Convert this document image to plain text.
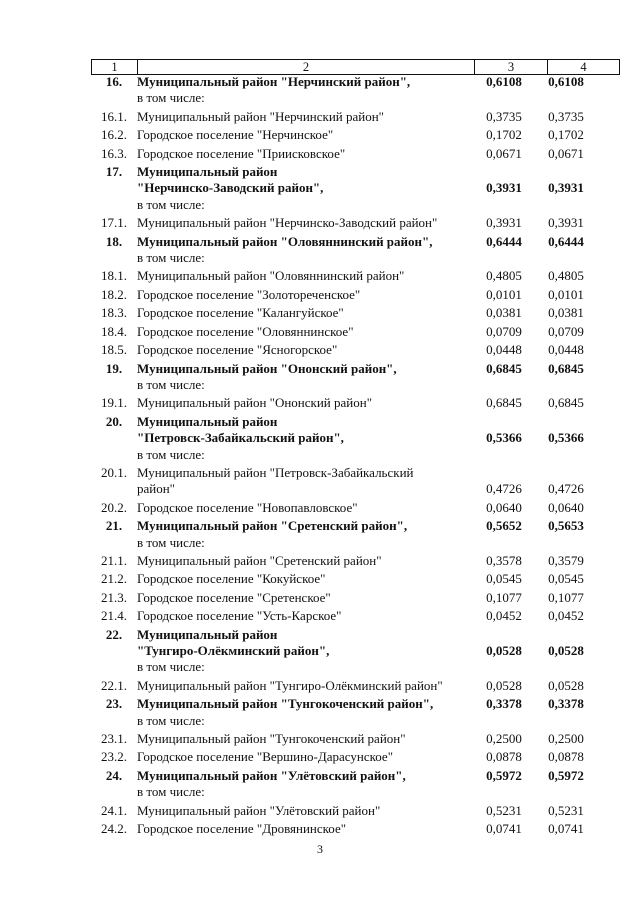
1	2	3	4
16.	Муниципальный район "Нерчинский район",	0,6108	0,6108
в том числе:
16.1. Муниципальный район "Нерчинский район"	0,3735	0,3735
16.2. Городское поселение "Нерчинское"	0,1702	0,1702
16.3. Городское поселение "Приисковское"	0,0671	0,0671
17.	Муниципальный район
"Нерчинско-Заводский район",	0,3931	0,3931
в том числе:
17.1. Муниципальный район "Нерчинско-Заводский район"	0,3931	0,3931
18.	Муниципальный район "Оловяннинский район",	0,6444	0,6444
в том числе:
18.1. Муниципальный район "Оловяннинский район"	0,4805	0,4805
18.2. Городское поселение "Золотореченское"	0,0101	0,0101
18.3. Городское поселение "Калангуйское"	0,0381	0,0381
18.4. Городское поселение "Оловяннинское"	0,0709	0,0709
18.5. Городское поселение "Ясногорское"	0,0448	0,0448
19.	Муниципальный район "Ононский район",	0,6845	0,6845
в том числе:
19.1. Муниципальный район "Ононский район"	0,6845	0,6845
20.	Муниципальный район
"Петровск-Забайкальский район",	0,5366	0,5366
в том числе:
20.1. Муниципальный район "Петровск-Забайкальский
район"	0,4726	0,4726
20.2. Городское поселение "Новопавловское"	0,0640	0,0640
21.	Муниципальный район "Сретенский район",	0,5652	0,5653
в том числе:
21.1. Муниципальный район "Сретенский район"	0,3578	0,3579
21.2. Городское поселение "Кокуйское"	0,0545	0,0545
21.3. Городское поселение "Сретенское"	0,1077	0,1077
21.4. Городское поселение "Усть-Карское"	0,0452	0,0452
22.	Муниципальный район
"Тунгиро-Олёкминский район",	0,0528	0,0528
в том числе:
22.1. Муниципальный район "Тунгиро-Олёкминский район"	0,0528	0,0528
23.	Муниципальный район "Тунгокоченский район",	0,3378	0,3378
в том числе:
23.1. Муниципальный район "Тунгокоченский район"	0,2500	0,2500
23.2. Городское поселение "Вершино-Дарасунское"	0,0878	0,0878
24.	Муниципальный район "Улётовский район",	0,5972	0,5972
в том числе:
24.1. Муниципальный район "Улётовский район"	0,5231	0,5231
24.2. Городское поселение "Дровянинское"	0,0741	0,0741
3
